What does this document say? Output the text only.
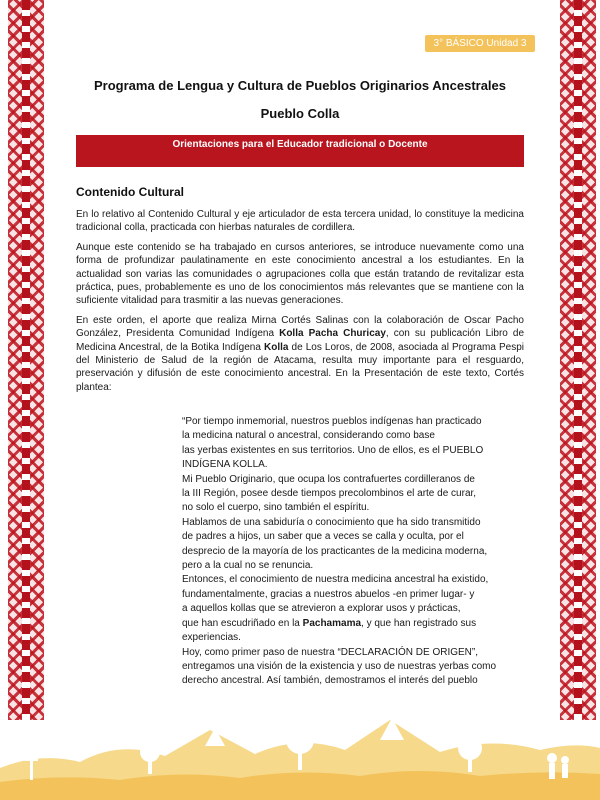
3° BÁSICO Unidad 3
Programa de Lengua y Cultura de Pueblos Originarios Ancestrales
Pueblo Colla
Orientaciones para el Educador tradicional o Docente
Contenido Cultural

En lo relativo al Contenido Cultural y eje articulador de esta tercera unidad, lo constituye la medicina tradicional colla, practicada con hierbas naturales de cordillera.

Aunque este contenido se ha trabajado en cursos anteriores, se introduce nuevamente como una forma de profundizar paulatinamente en este conocimiento ancestral a los estudiantes. En la actualidad son varias las comunidades o agrupaciones colla que están tratando de revitalizar esta práctica, pues, probablemente es uno de los conocimientos más relevantes que se mantiene con la suficiente vitalidad para trasmitir a las nuevas generaciones.

En este orden, el aporte que realiza Mirna Cortés Salinas con la colaboración de Oscar Pacho González, Presidenta Comunidad Indígena Kolla Pacha Churicay, con su publicación Libro de Medicina Ancestral, de la Botika Indígena Kolla de Los Loros, de 2008, asociada al Programa Pespi del Ministerio de Salud de la región de Atacama, resulta muy importante para el resguardo, preservación y difusión de este conocimiento ancestral. En la Presentación de este texto, Cortés plantea:

“Por tiempo inmemorial, nuestros pueblos indígenas han practicado

la medicina natural o ancestral, considerando como base

las yerbas existentes en sus territorios. Uno de ellos, es el PUEBLO

INDÍGENA KOLLA.

Mi Pueblo Originario, que ocupa los contrafuertes cordilleranos de

la III Región, posee desde tiempos precolombinos el arte de curar,

no solo el cuerpo, sino también el espíritu.

Hablamos de una sabiduría o conocimiento que ha sido transmitido

de padres a hijos, un saber que a veces se calla y oculta, por el

desprecio de la mayoría de los practicantes de la medicina moderna,

pero a la cual no se renuncia.

Entonces, el conocimiento de nuestra medicina ancestral ha existido,

fundamentalmente, gracias a nuestros abuelos -en primer lugar- y

a aquellos kollas que se atrevieron a explorar usos y prácticas,

que han escudriñado en la Pachamama, y que han registrado sus

experiencias.

Hoy, como primer paso de nuestra “DECLARACIÓN DE ORIGEN”,

entregamos una visión de la existencia y uso de nuestras yerbas como

derecho ancestral. Así también, demostramos el interés del pueblo
